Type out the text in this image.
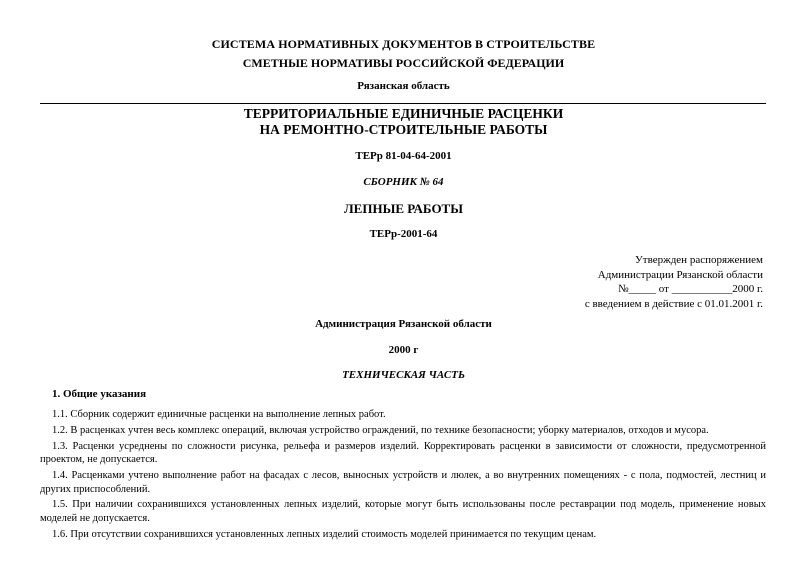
СИСТЕМА НОРМАТИВНЫХ ДОКУМЕНТОВ В СТРОИТЕЛЬСТВЕ
СМЕТНЫЕ НОРМАТИВЫ РОССИЙСКОЙ ФЕДЕРАЦИИ
Рязанская область
ТЕРРИТОРИАЛЬНЫЕ ЕДИНИЧНЫЕ РАСЦЕНКИ
НА РЕМОНТНО-СТРОИТЕЛЬНЫЕ РАБОТЫ
ТЕРр 81-04-64-2001
СБОРНИК № 64
ЛЕПНЫЕ РАБОТЫ
ТЕРр-2001-64
Утвержден распоряжением
Администрации Рязанской области
№_____ от ___________2000 г.
с введением в действие с 01.01.2001 г.
Администрация Рязанской области
2000 г
ТЕХНИЧЕСКАЯ ЧАСТЬ
1. Общие указания

1.1. Сборник содержит единичные расценки на выполнение лепных работ.

1.2. В расценках учтен весь комплекс операций, включая устройство ограждений, по технике безопасности; уборку материалов, отходов и мусора.

1.3. Расценки усреднены по сложности рисунка, рельефа и размеров изделий. Корректировать расценки в зависимости от сложности, предусмотренной проектом, не допускается.

1.4. Расценками учтено выполнение работ на фасадах с лесов, выносных устройств и люлек, а во внутренних помещениях - с пола, подмостей, лестниц и других приспособлений.

1.5. При наличии сохранившихся установленных лепных изделий, которые могут быть использованы после реставрации под модель, применение новых моделей не допускается.

1.6. При отсутствии сохранившихся установленных лепных изделий стоимость моделей принимается по текущим ценам.
